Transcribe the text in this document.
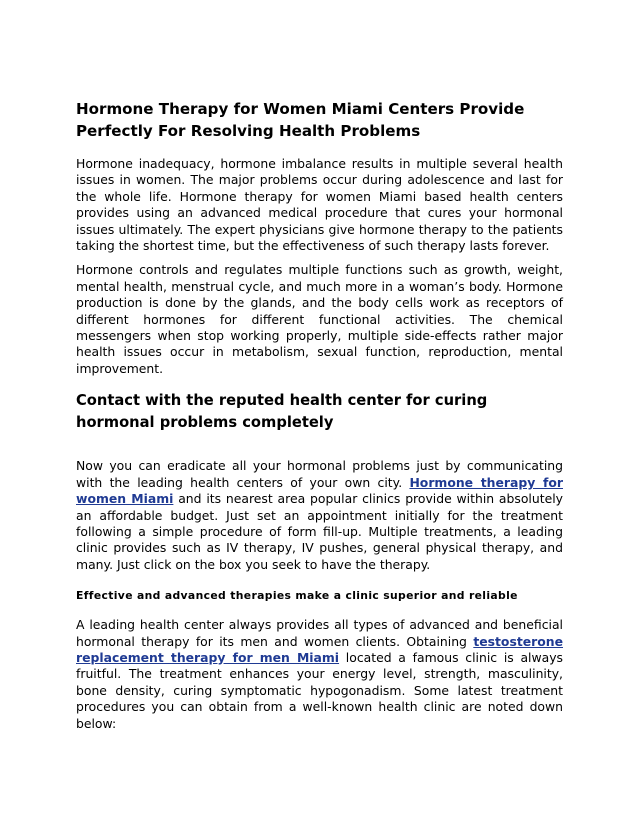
Hormone Therapy for Women Miami Centers Provide Perfectly For Resolving Health Problems

Hormone inadequacy, hormone imbalance results in multiple several health issues in women. The major problems occur during adolescence and last for the whole life. Hormone therapy for women Miami based health centers provides using an advanced medical procedure that cures your hormonal issues ultimately. The expert physicians give hormone therapy to the patients taking the shortest time, but the effectiveness of such therapy lasts forever.

Hormone controls and regulates multiple functions such as growth, weight, mental health, menstrual cycle, and much more in a woman’s body. Hormone production is done by the glands, and the body cells work as receptors of different hormones for different functional activities. The chemical messengers when stop working properly, multiple side-effects rather major health issues occur in metabolism, sexual function, reproduction, mental improvement.

Contact with the reputed health center for curing hormonal problems completely

Now you can eradicate all your hormonal problems just by communicating with the leading health centers of your own city. Hormone therapy for women Miami and its nearest area popular clinics provide within absolutely an affordable budget. Just set an appointment initially for the treatment following a simple procedure of form fill-up. Multiple treatments, a leading clinic provides such as IV therapy, IV pushes, general physical therapy, and many. Just click on the box you seek to have the therapy.

Effective and advanced therapies make a clinic superior and reliable

A leading health center always provides all types of advanced and beneficial hormonal therapy for its men and women clients. Obtaining testosterone replacement therapy for men Miami located a famous clinic is always fruitful. The treatment enhances your energy level, strength, masculinity, bone density, curing symptomatic hypogonadism. Some latest treatment procedures you can obtain from a well-known health clinic are noted down below:
